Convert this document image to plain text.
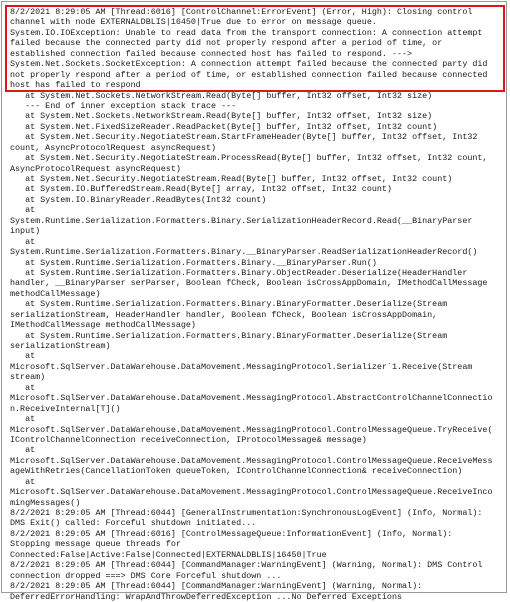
8/2/2021 8:29:05 AM [Thread:6016] [ControlChannel:ErrorEvent] (Error, High): Closing control
channel with node EXTERNALDBLIS|16450|True due to error on message queue.
System.IO.IOException: Unable to read data from the transport connection: A connection attempt
failed because the connected party did not properly respond after a period of time, or
established connection failed because connected host has failed to respond. --->
System.Net.Sockets.SocketException: A connection attempt failed because the connected party did
not properly respond after a period of time, or established connection failed because connected
host has failed to respond
at System.Net.Sockets.NetworkStream.Read(Byte[] buffer, Int32 offset, Int32 size)
--- End of inner exception stack trace ---
at System.Net.Sockets.NetworkStream.Read(Byte[] buffer, Int32 offset, Int32 size)
at System.Net.FixedSizeReader.ReadPacket(Byte[] buffer, Int32 offset, Int32 count)
at System.Net.Security.NegotiateStream.StartFrameHeader(Byte[] buffer, Int32 offset, Int32
count, AsyncProtocolRequest asyncRequest)
at System.Net.Security.NegotiateStream.ProcessRead(Byte[] buffer, Int32 offset, Int32 count,
AsyncProtocolRequest asyncRequest)
at System.Net.Security.NegotiateStream.Read(Byte[] buffer, Int32 offset, Int32 count)
at System.IO.BufferedStream.Read(Byte[] array, Int32 offset, Int32 count)
at System.IO.BinaryReader.ReadBytes(Int32 count)
at
System.Runtime.Serialization.Formatters.Binary.SerializationHeaderRecord.Read(__BinaryParser
input)
at
System.Runtime.Serialization.Formatters.Binary.__BinaryParser.ReadSerializationHeaderRecord()
at System.Runtime.Serialization.Formatters.Binary.__BinaryParser.Run()
at System.Runtime.Serialization.Formatters.Binary.ObjectReader.Deserialize(HeaderHandler
handler, __BinaryParser serParser, Boolean fCheck, Boolean isCrossAppDomain, IMethodCallMessage
methodCallMessage)
at System.Runtime.Serialization.Formatters.Binary.BinaryFormatter.Deserialize(Stream
serializationStream, HeaderHandler handler, Boolean fCheck, Boolean isCrossAppDomain,
IMethodCallMessage methodCallMessage)
at System.Runtime.Serialization.Formatters.Binary.BinaryFormatter.Deserialize(Stream
serializationStream)
at
Microsoft.SqlServer.DataWarehouse.DataMovement.MessagingProtocol.Serializer`1.Receive(Stream
stream)
at
Microsoft.SqlServer.DataWarehouse.DataMovement.MessagingProtocol.AbstractControlChannelConnectio
n.ReceiveInternal[T]()
at
Microsoft.SqlServer.DataWarehouse.DataMovement.MessagingProtocol.ControlMessageQueue.TryReceive(
IControlChannelConnection receiveConnection, IProtocolMessage& message)
at
Microsoft.SqlServer.DataWarehouse.DataMovement.MessagingProtocol.ControlMessageQueue.ReceiveMess
ageWithRetries(CancellationToken queueToken, IControlChannelConnection& receiveConnection)
at
Microsoft.SqlServer.DataWarehouse.DataMovement.MessagingProtocol.ControlMessageQueue.ReceiveInco
mingMessages()
8/2/2021 8:29:05 AM [Thread:6044] [GeneralInstrumentation:SynchronousLogEvent] (Info, Normal):
DMS Exit() called: Forceful shutdown initiated...
8/2/2021 8:29:05 AM [Thread:6016] [ControlMessageQueue:InformationEvent] (Info, Normal):
Stopping message queue threads for
Connected:False|Active:False|Connected|EXTERNALDBLIS|16450|True
8/2/2021 8:29:05 AM [Thread:6044] [CommandManager:WarningEvent] (Warning, Normal): DMS Control
connection dropped ===> DMS Core Forceful shutdown ...
8/2/2021 8:29:05 AM [Thread:6044] [CommandManager:WarningEvent] (Warning, Normal):
DeferredErrorHandling: WrapAndThrowDeferredException ...No Deferred Exceptions
